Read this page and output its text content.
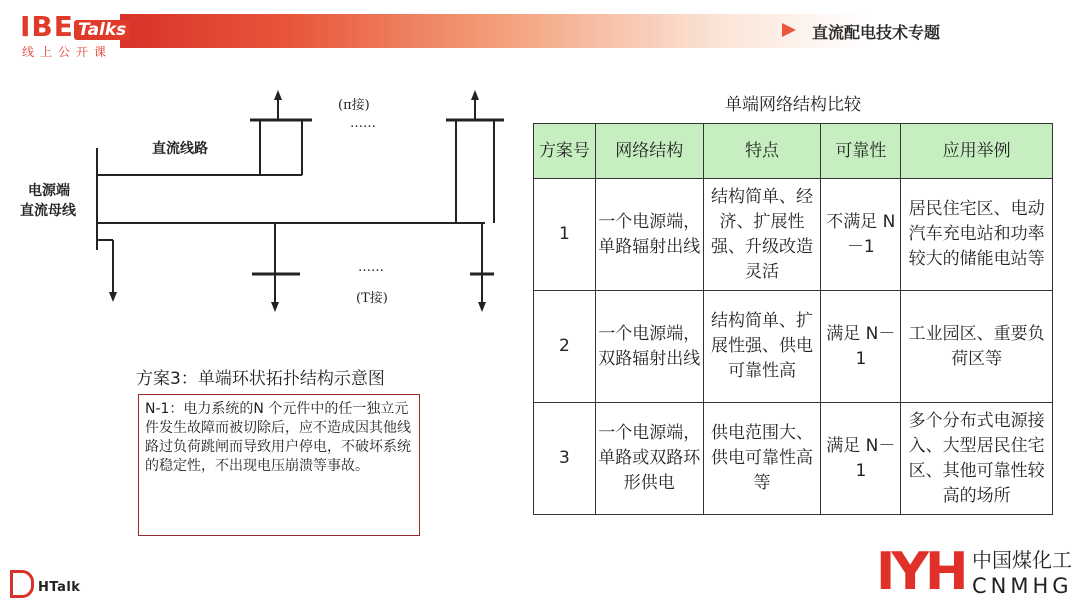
IBE Talks
线上公开课
直流配电技术专题
(π接)
……
直流线路
电源端
直流母线
……
(T接)
方案3：单端环状拓扑结构示意图
N-1：电力系统的N 个元件中的任一独立元件发生故障而被切除后，应不造成因其他线路过负荷跳闸而导致用户停电，不破坏系统的稳定性，不出现电压崩溃等事故。
单端网络结构比较
方案号	网络结构	特点	可靠性	应用举例
1	一个电源端，单路辐射出线	结构简单、经济、扩展性强、升级改造灵活	不满足 N－1	居民住宅区、电动汽车充电站和功率较大的储能电站等
2	一个电源端，双路辐射出线	结构简单、扩展性强、供电可靠性高	满足 N－1	工业园区、重要负荷区等
3	一个电源端，单路或双路环形供电	供电范围大、供电可靠性高等	满足 N－1	多个分布式电源接入、大型居民住宅区、其他可靠性较高的场所
HTalk	IYH 中国煤化工
CNMHG
